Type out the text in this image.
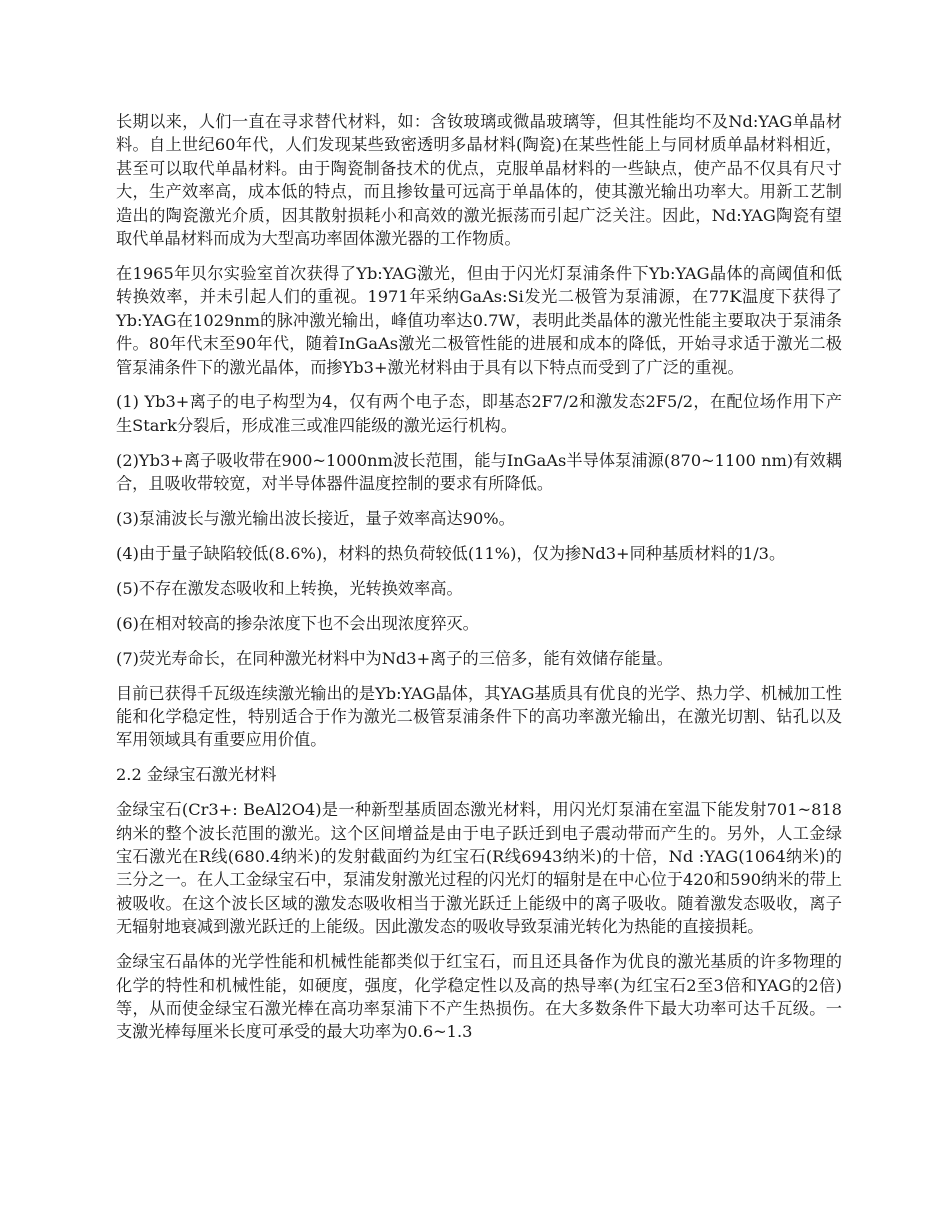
长期以来，人们一直在寻求替代材料，如：含钕玻璃或微晶玻璃等，但其性能均不及Nd:YAG单晶材料。自上世纪60年代，人们发现某些致密透明多晶材料(陶瓷)在某些性能上与同材质单晶材料相近，甚至可以取代单晶材料。由于陶瓷制备技术的优点，克服单晶材料的一些缺点，使产品不仅具有尺寸大，生产效率高，成本低的特点，而且掺钕量可远高于单晶体的，使其激光输出功率大。用新工艺制造出的陶瓷激光介质，因其散射损耗小和高效的激光振荡而引起广泛关注。因此，Nd:YAG陶瓷有望取代单晶材料而成为大型高功率固体激光器的工作物质。

在1965年贝尔实验室首次获得了Yb:YAG激光，但由于闪光灯泵浦条件下Yb:YAG晶体的高阈值和低转换效率，并未引起人们的重视。1971年采纳GaAs:Si发光二极管为泵浦源，在77K温度下获得了Yb:YAG在1029nm的脉冲激光输出，峰值功率达0.7W，表明此类晶体的激光性能主要取决于泵浦条件。80年代末至90年代，随着InGaAs激光二极管性能的进展和成本的降低，开始寻求适于激光二极管泵浦条件下的激光晶体，而掺Yb3+激光材料由于具有以下特点而受到了广泛的重视。

(1) Yb3+离子的电子构型为4，仅有两个电子态，即基态2F7/2和激发态2F5/2，在配位场作用下产生Stark分裂后，形成准三或准四能级的激光运行机构。

(2)Yb3+离子吸收带在900~1000nm波长范围，能与InGaAs半导体泵浦源(870~1100 nm)有效耦合，且吸收带较宽，对半导体器件温度控制的要求有所降低。

(3)泵浦波长与激光输出波长接近，量子效率高达90%。

(4)由于量子缺陷较低(8.6%)，材料的热负荷较低(11%)，仅为掺Nd3+同种基质材料的1/3。

(5)不存在激发态吸收和上转换，光转换效率高。

(6)在相对较高的掺杂浓度下也不会出现浓度猝灭。

(7)荧光寿命长，在同种激光材料中为Nd3+离子的三倍多，能有效储存能量。

目前已获得千瓦级连续激光输出的是Yb:YAG晶体，其YAG基质具有优良的光学、热力学、机械加工性能和化学稳定性，特别适合于作为激光二极管泵浦条件下的高功率激光输出，在激光切割、钻孔以及军用领域具有重要应用价值。

2.2 金绿宝石激光材料

金绿宝石(Cr3+: BeAl2O4)是一种新型基质固态激光材料，用闪光灯泵浦在室温下能发射701~818纳米的整个波长范围的激光。这个区间增益是由于电子跃迁到电子震动带而产生的。另外，人工金绿宝石激光在R线(680.4纳米)的发射截面约为红宝石(R线6943纳米)的十倍，Nd :YAG(1064纳米)的三分之一。在人工金绿宝石中，泵浦发射激光过程的闪光灯的辐射是在中心位于420和590纳米的带上被吸收。在这个波长区域的激发态吸收相当于激光跃迁上能级中的离子吸收。随着激发态吸收，离子无辐射地衰减到激光跃迁的上能级。因此激发态的吸收导致泵浦光转化为热能的直接损耗。

金绿宝石晶体的光学性能和机械性能都类似于红宝石，而且还具备作为优良的激光基质的许多物理的化学的特性和机械性能，如硬度，强度，化学稳定性以及高的热导率(为红宝石2至3倍和YAG的2倍)等，从而使金绿宝石激光棒在高功率泵浦下不产生热损伤。在大多数条件下最大功率可达千瓦级。一支激光棒每厘米长度可承受的最大功率为0.6~1.3
